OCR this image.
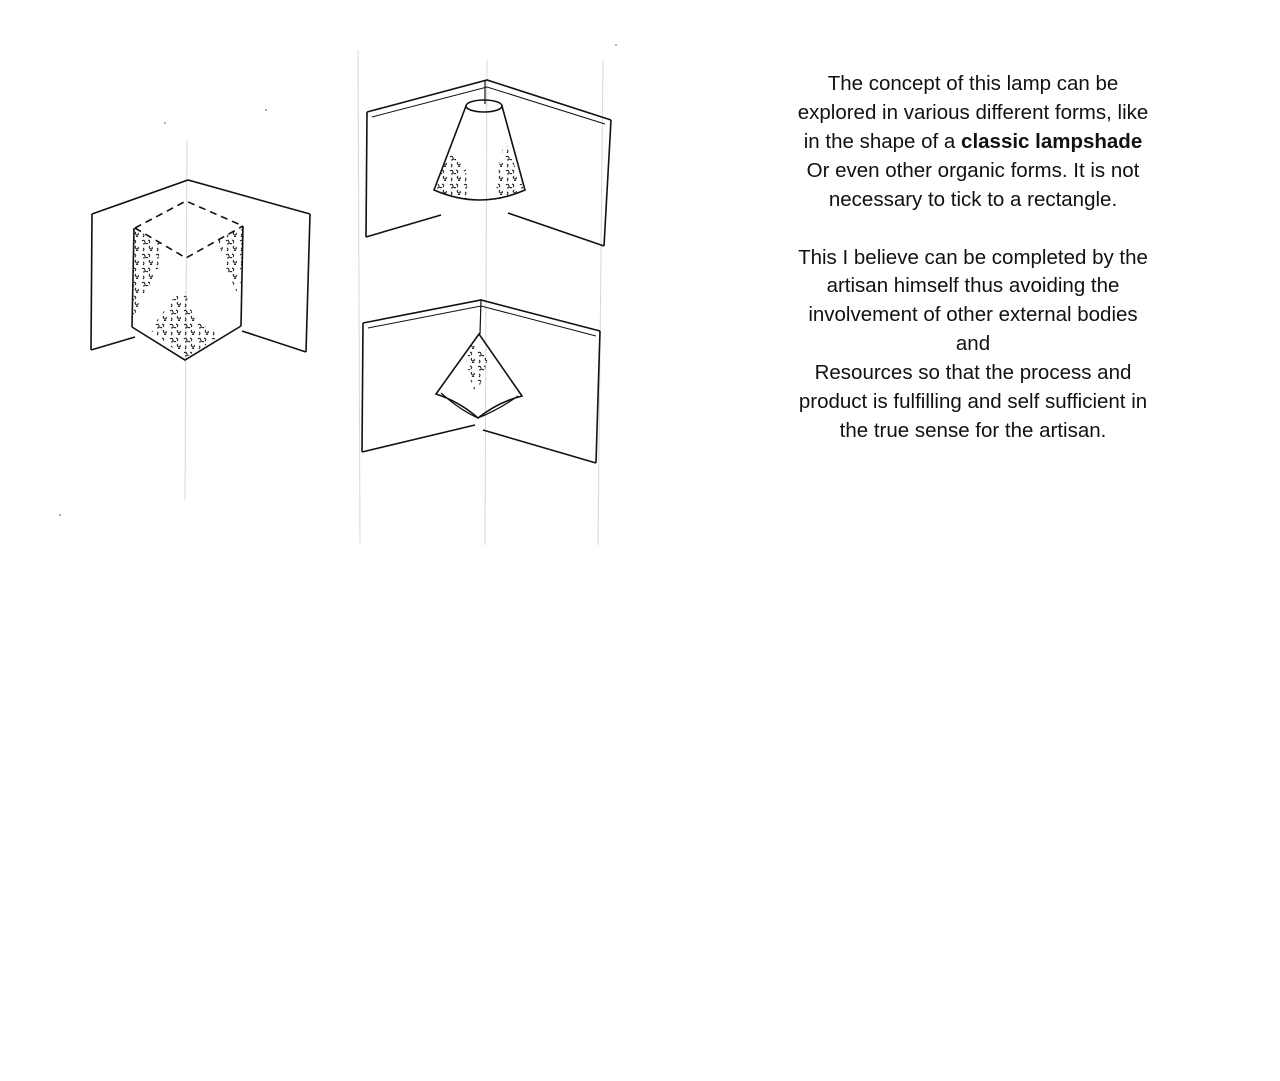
The concept of this lamp can be explored in various different forms, like in the shape of a classic lampshade
Or even other organic forms. It is not necessary to tick to a rectangle.

This I believe can be completed by the artisan himself thus avoiding the involvement of other external bodies and

Resources so that the process and product is fulfilling and self sufficient in the true sense for the artisan.
